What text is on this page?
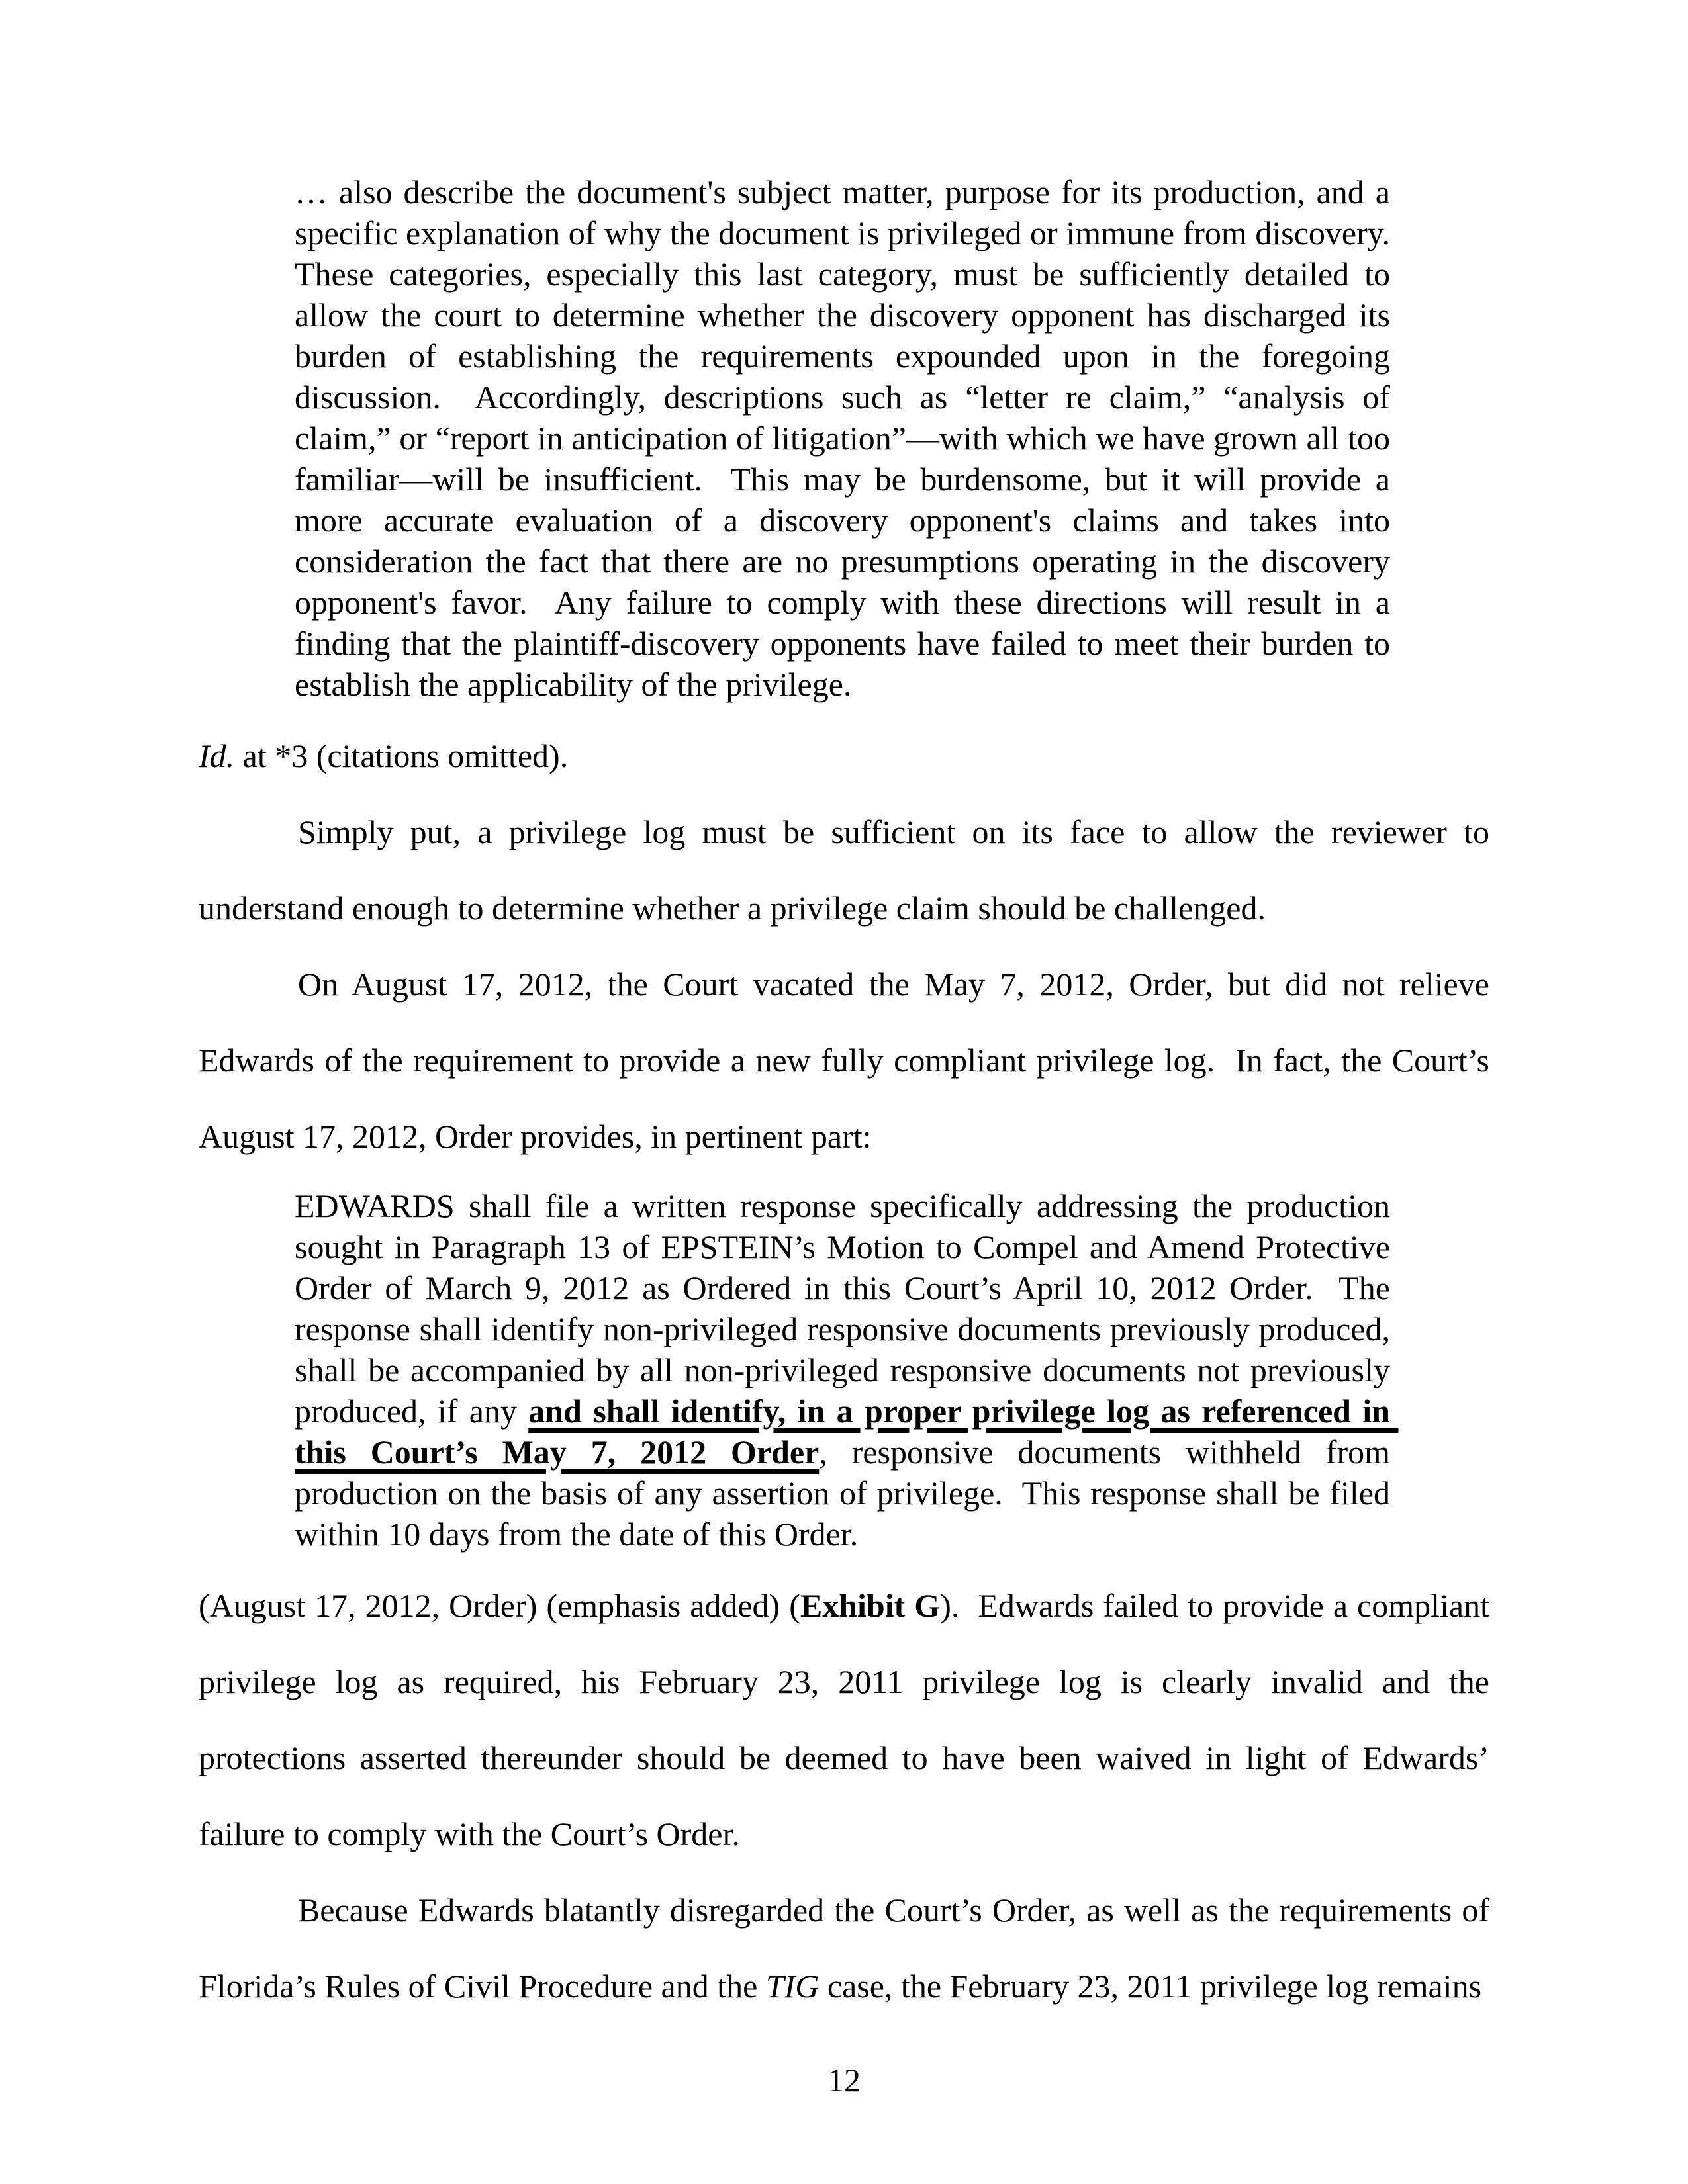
… also describe the document's subject matter, purpose for its production, and a specific explanation of why the document is privileged or immune from discovery.  These categories, especially this last category, must be sufficiently detailed to allow the court to determine whether the discovery opponent has discharged its burden of establishing the requirements expounded upon in the foregoing discussion.  Accordingly, descriptions such as “letter re claim,” “analysis of claim,” or “report in anticipation of litigation”—with which we have grown all too familiar—will be insufficient.  This may be burdensome, but it will provide a more accurate evaluation of a discovery opponent's claims and takes into consideration the fact that there are no presumptions operating in the discovery opponent's favor.  Any failure to comply with these directions will result in a finding that the plaintiff-discovery opponents have failed to meet their burden to establish the applicability of the privilege.

Id. at *3 (citations omitted).

Simply put, a privilege log must be sufficient on its face to allow the reviewer to understand enough to determine whether a privilege claim should be challenged.

On August 17, 2012, the Court vacated the May 7, 2012, Order, but did not relieve Edwards of the requirement to provide a new fully compliant privilege log.  In fact, the Court’s August 17, 2012, Order provides, in pertinent part:

EDWARDS shall file a written response specifically addressing the production sought in Paragraph 13 of EPSTEIN’s Motion to Compel and Amend Protective Order of March 9, 2012 as Ordered in this Court’s April 10, 2012 Order.  The response shall identify non-privileged responsive documents previously produced, shall be accompanied by all non-privileged responsive documents not previously produced, if any and shall identify, in a proper privilege log as referenced in this Court’s May 7, 2012 Order, responsive documents withheld from production on the basis of any assertion of privilege.  This response shall be filed within 10 days from the date of this Order.

(August 17, 2012, Order) (emphasis added) (Exhibit G).  Edwards failed to provide a compliant privilege log as required, his February 23, 2011 privilege log is clearly invalid and the protections asserted thereunder should be deemed to have been waived in light of Edwards’ failure to comply with the Court’s Order.

Because Edwards blatantly disregarded the Court’s Order, as well as the requirements of Florida’s Rules of Civil Procedure and the TIG case, the February 23, 2011 privilege log remains

12
